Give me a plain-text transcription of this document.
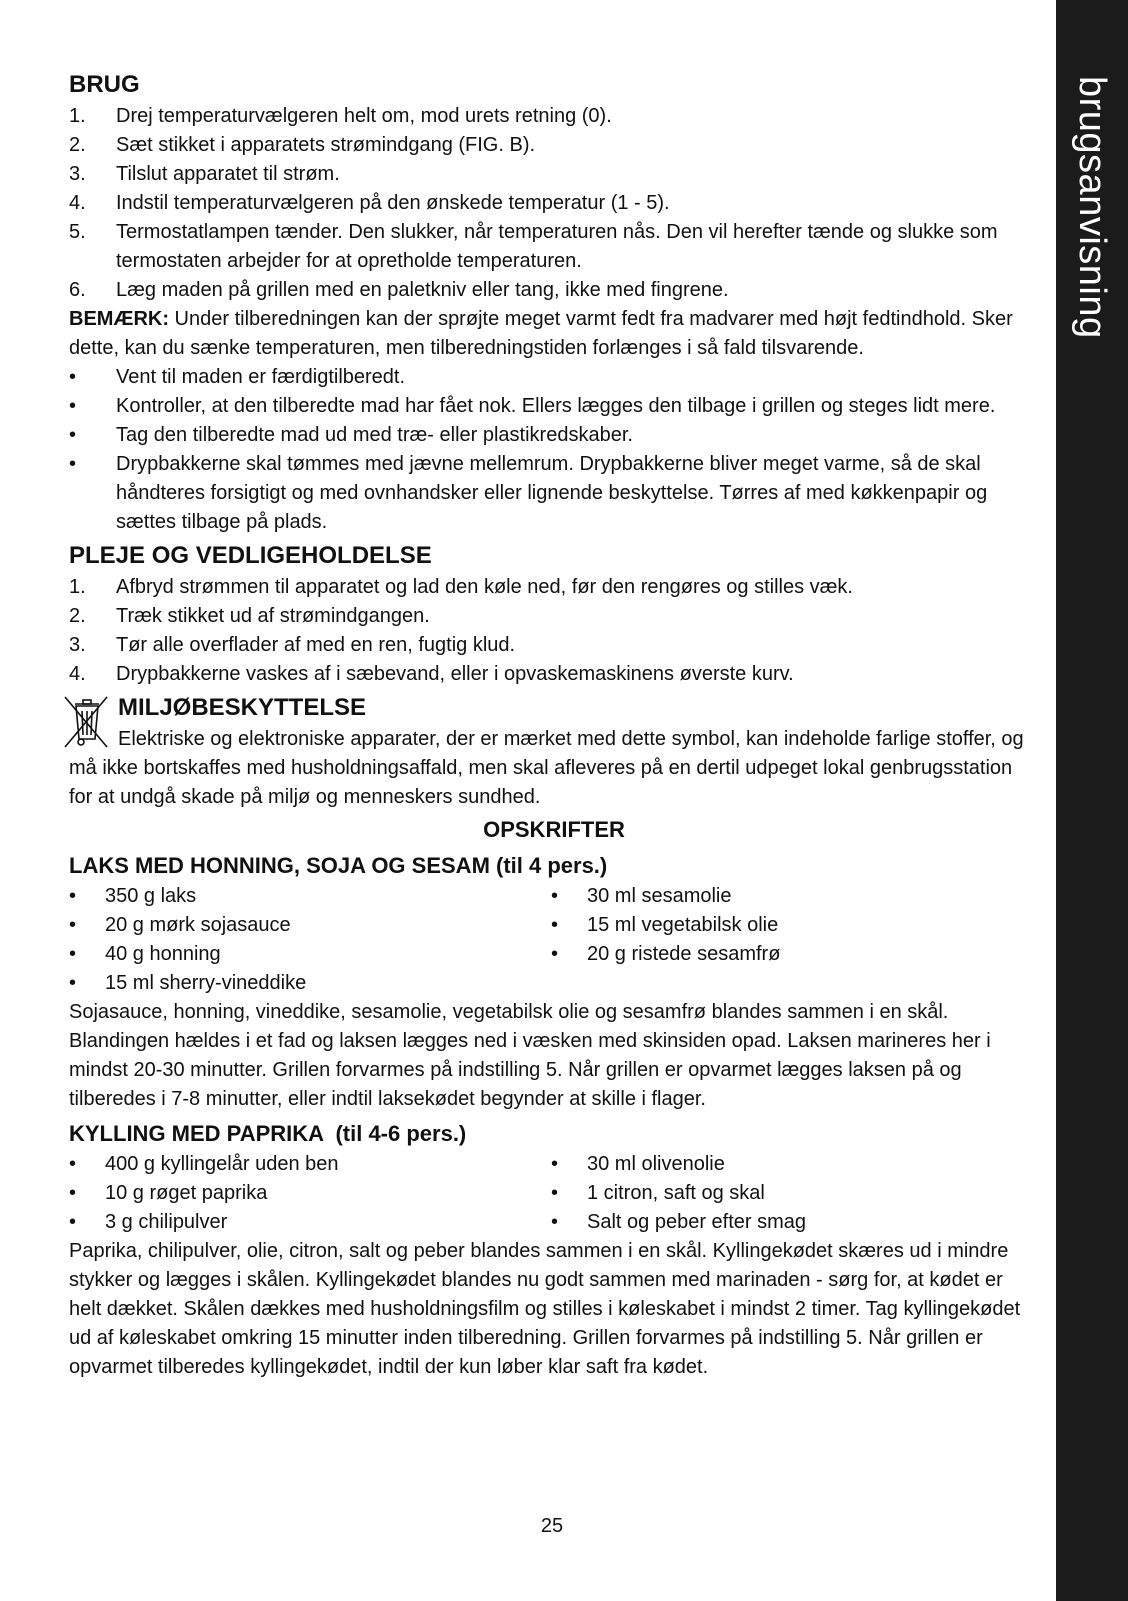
brugsanvisning
BRUG
1. Drej temperaturvælgeren helt om, mod urets retning (0).
2. Sæt stikket i apparatets strømindgang (FIG. B).
3. Tilslut apparatet til strøm.
4. Indstil temperaturvælgeren på den ønskede temperatur (1 - 5).
5. Termostatlampen tænder. Den slukker, når temperaturen nås. Den vil herefter tænde og slukke som termostaten arbejder for at opretholde temperaturen.
6. Læg maden på grillen med en paletkniv eller tang, ikke med fingrene.

BEMÆRK: Under tilberedningen kan der sprøjte meget varmt fedt fra madvarer med højt fedtindhold. Sker dette, kan du sænke temperaturen, men tilberedningstiden forlænges i så fald tilsvarende.

• Vent til maden er færdigtilberedt.
• Kontroller, at den tilberedte mad har fået nok. Ellers lægges den tilbage i grillen og steges lidt mere.
• Tag den tilberedte mad ud med træ- eller plastikredskaber.
• Drypbakkerne skal tømmes med jævne mellemrum. Drypbakkerne bliver meget varme, så de skal håndteres forsigtigt og med ovnhandsker eller lignende beskyttelse. Tørres af med køkkenpapir og sættes tilbage på plads.
PLEJE OG VEDLIGEHOLDELSE
1. Afbryd strømmen til apparatet og lad den køle ned, før den rengøres og stilles væk.
2. Træk stikket ud af strømindgangen.
3. Tør alle overflader af med en ren, fugtig klud.
4. Drypbakkerne vaskes af i sæbevand, eller i opvaskemaskinens øverste kurv.
MILJØBESKYTTELSE

Elektriske og elektroniske apparater, der er mærket med dette symbol, kan indeholde farlige stoffer, og må ikke bortskaffes med husholdningsaffald, men skal afleveres på en dertil udpeget lokal genbrugsstation for at undgå skade på miljø og menneskers sundhed.

OPSKRIFTER
LAKS MED HONNING, SOJA OG SESAM (til 4 pers.)
• 350 g laks
• 20 g mørk sojasauce
• 40 g honning
• 15 ml sherry-vineddike
• 30 ml sesamolie
• 15 ml vegetabilsk olie
• 20 g ristede sesamfrø

Sojasauce, honning, vineddike, sesamolie, vegetabilsk olie og sesamfrø blandes sammen i en skål. Blandingen hældes i et fad og laksen lægges ned i væsken med skinsiden opad. Laksen marineres her i mindst 20-30 minutter. Grillen forvarmes på indstilling 5. Når grillen er opvarmet lægges laksen på og tilberedes i 7-8 minutter, eller indtil laksekødet begynder at skille i flager.

KYLLING MED PAPRIKA  (til 4-6 pers.)
• 400 g kyllingelår uden ben
• 10 g røget paprika
• 3 g chilipulver
• 30 ml olivenolie
• 1 citron, saft og skal
• Salt og peber efter smag

Paprika, chilipulver, olie, citron, salt og peber blandes sammen i en skål. Kyllingekødet skæres ud i mindre stykker og lægges i skålen. Kyllingekødet blandes nu godt sammen med marinaden - sørg for, at kødet er helt dækket. Skålen dækkes med husholdningsfilm og stilles i køleskabet i mindst 2 timer. Tag kyllingekødet ud af køleskabet omkring 15 minutter inden tilberedning. Grillen forvarmes på indstilling 5. Når grillen er opvarmet tilberedes kyllingekødet, indtil der kun løber klar saft fra kødet.

25
